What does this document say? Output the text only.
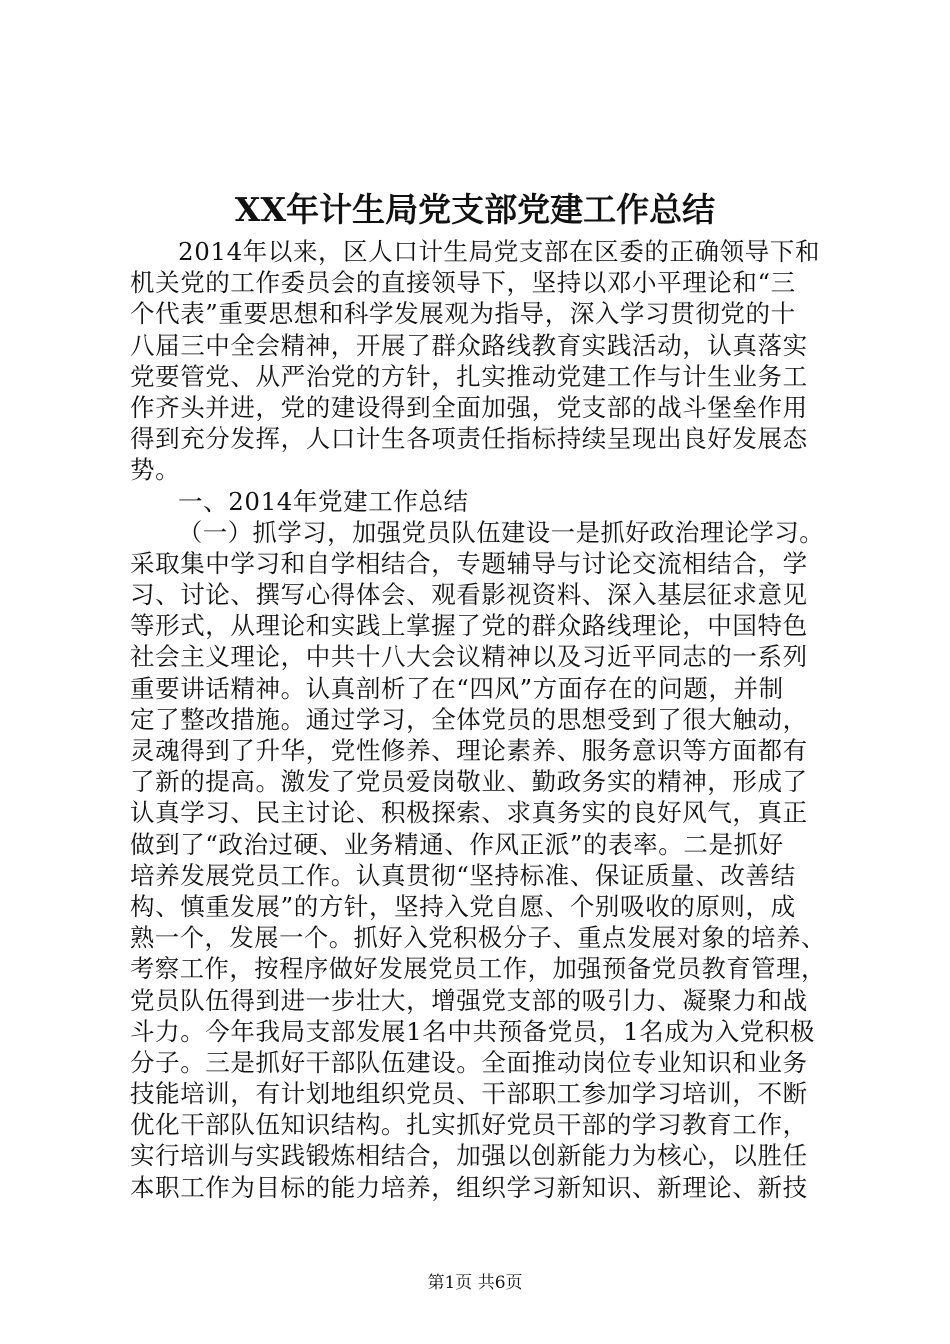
XX年计生局党支部党建工作总结
2014年以来，区人口计生局党支部在区委的正确领导下和
机关党的工作委员会的直接领导下，坚持以邓小平理论和“三
个代表”重要思想和科学发展观为指导，深入学习贯彻党的十
八届三中全会精神，开展了群众路线教育实践活动，认真落实
党要管党、从严治党的方针，扎实推动党建工作与计生业务工
作齐头并进，党的建设得到全面加强，党支部的战斗堡垒作用
得到充分发挥，人口计生各项责任指标持续呈现出良好发展态
势。
一、2014年党建工作总结
（一）抓学习，加强党员队伍建设一是抓好政治理论学习。
采取集中学习和自学相结合，专题辅导与讨论交流相结合，学
习、讨论、撰写心得体会、观看影视资料、深入基层征求意见
等形式，从理论和实践上掌握了党的群众路线理论，中国特色
社会主义理论，中共十八大会议精神以及习近平同志的一系列
重要讲话精神。认真剖析了在“四风”方面存在的问题，并制
定了整改措施。通过学习，全体党员的思想受到了很大触动，
灵魂得到了升华，党性修养、理论素养、服务意识等方面都有
了新的提高。激发了党员爱岗敬业、勤政务实的精神，形成了
认真学习、民主讨论、积极探索、求真务实的良好风气，真正
做到了“政治过硬、业务精通、作风正派”的表率。二是抓好
培养发展党员工作。认真贯彻“坚持标准、保证质量、改善结
构、慎重发展”的方针，坚持入党自愿、个别吸收的原则，成
熟一个，发展一个。抓好入党积极分子、重点发展对象的培养、
考察工作，按程序做好发展党员工作，加强预备党员教育管理，
党员队伍得到进一步壮大，增强党支部的吸引力、凝聚力和战
斗力。今年我局支部发展1名中共预备党员，1名成为入党积极
分子。三是抓好干部队伍建设。全面推动岗位专业知识和业务
技能培训，有计划地组织党员、干部职工参加学习培训，不断
优化干部队伍知识结构。扎实抓好党员干部的学习教育工作，
实行培训与实践锻炼相结合，加强以创新能力为核心，以胜任
本职工作为目标的能力培养，组织学习新知识、新理论、新技
第1页 共6页
